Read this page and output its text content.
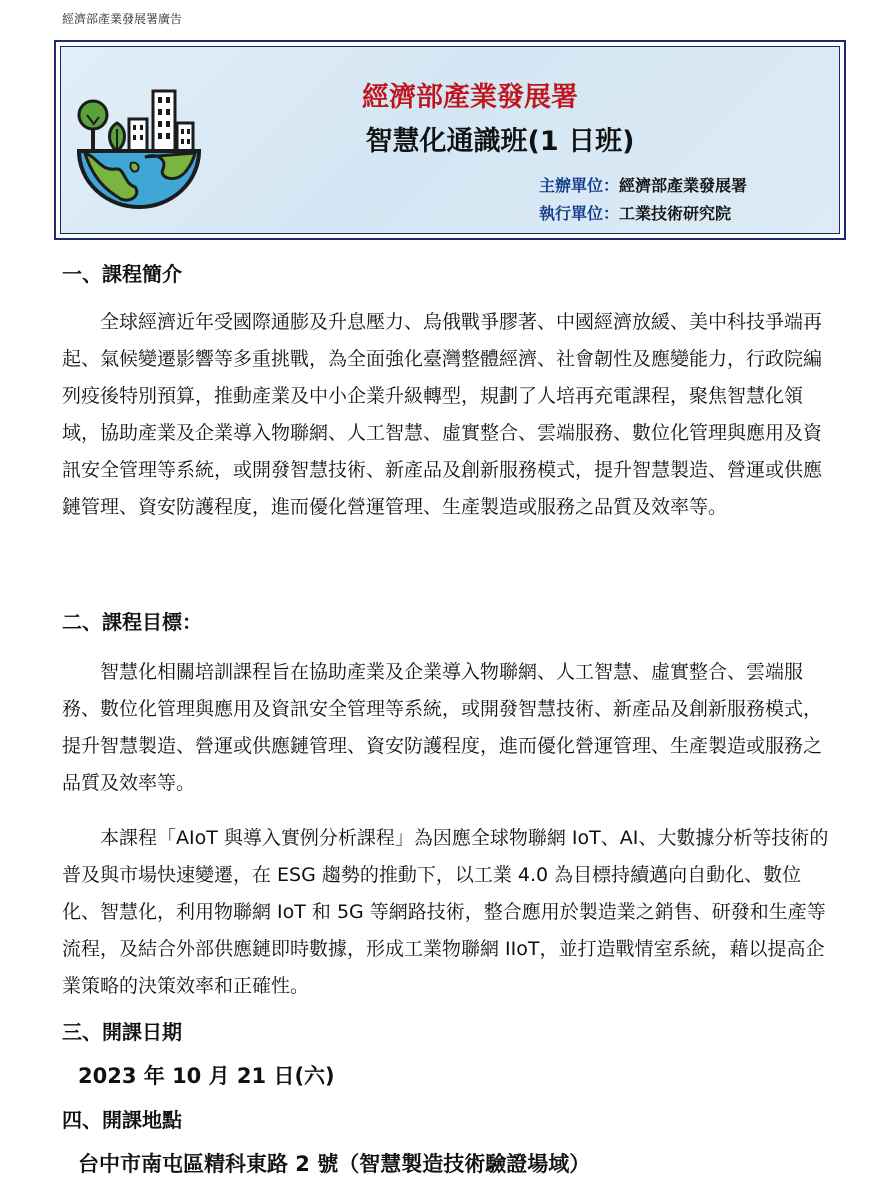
經濟部產業發展署廣告
經濟部產業發展署
智慧化通識班(1 日班)
主辦單位：經濟部產業發展署
執行單位：工業技術研究院
一、課程簡介

全球經濟近年受國際通膨及升息壓力、烏俄戰爭膠著、中國經濟放緩、美中科技爭端再起、氣候變遷影響等多重挑戰，為全面強化臺灣整體經濟、社會韌性及應變能力，行政院編列疫後特別預算，推動產業及中小企業升級轉型，規劃了人培再充電課程，聚焦智慧化領域，協助產業及企業導入物聯網、人工智慧、虛實整合、雲端服務、數位化管理與應用及資訊安全管理等系統，或開發智慧技術、新產品及創新服務模式，提升智慧製造、營運或供應鏈管理、資安防護程度，進而優化營運管理、生產製造或服務之品質及效率等。

二、課程目標：

智慧化相關培訓課程旨在協助產業及企業導入物聯網、人工智慧、虛實整合、雲端服務、數位化管理與應用及資訊安全管理等系統，或開發智慧技術、新產品及創新服務模式，提升智慧製造、營運或供應鏈管理、資安防護程度，進而優化營運管理、生產製造或服務之品質及效率等。

本課程「AIoT 與導入實例分析課程」為因應全球物聯網 IoT、AI、大數據分析等技術的普及與市場快速變遷，在 ESG 趨勢的推動下，以工業 4.0 為目標持續邁向自動化、數位化、智慧化，利用物聯網 IoT 和 5G 等網路技術，整合應用於製造業之銷售、研發和生產等流程，及結合外部供應鏈即時數據，形成工業物聯網 IIoT，並打造戰情室系統，藉以提高企業策略的決策效率和正確性。

三、開課日期
2023 年 10 月 21 日(六)
四、開課地點
台中市南屯區精科東路 2 號（智慧製造技術驗證場域）
